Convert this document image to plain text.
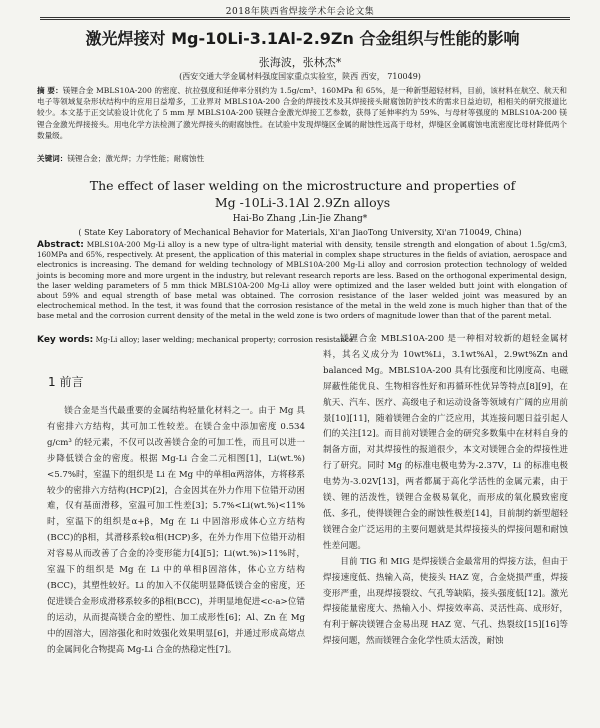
2018年陕西省焊接学术年会论文集
激光焊接对 Mg-10Li-3.1Al-2.9Zn 合金组织与性能的影响
张海波，张林杰*
(西安交通大学金属材料强度国家重点实验室，陕西 西安， 710049)
摘 要：镁锂合金 MBLS10A-200 的密度、抗拉强度和延伸率分别约为 1.5g/cm³、160MPa 和 65%，是一种新型超轻材料，目前，该材料在航空、航天和电子等领域复杂形状结构中的应用日益增多，工业界对 MBLS10A-200 合金的焊接技术及其焊接接头耐腐蚀防护技术的需求日益迫切，相相关的研究报道比较少。本文基于正交试验设计优化了 5 mm 厚 MBLS10A-200 镁锂合金激光焊接工艺参数，获得了延伸率约为 59%、与母材等强度的 MBLS10A-200 镁锂合金激光焊接接头。用电化学方法检测了激光焊接头的耐腐蚀性。在试验中发现焊缝区金属的耐蚀性远高于母材，焊缝区金属腐蚀电流密度比母材降低两个数量级。
关键词：镁锂合金；激光焊；力学性能；耐腐蚀性
The effect of laser welding on the microstructure and properties of
Mg -10Li-3.1Al 2.9Zn alloys
Hai-Bo Zhang ,Lin-Jie Zhang*
( State Key Laboratory of Mechanical Behavior for Materials, Xi'an JiaoTong University, Xi'an 710049, China)
Abstract: MBLS10A-200 Mg-Li alloy is a new type of ultra-light material with density, tensile strength and elongation of about 1.5g/cm3, 160MPa and 65%, respectively. At present, the application of this material in complex shape structures in the fields of aviation, aerospace and electronics is increasing. The demand for welding technology of MBLS10A-200 Mg-Li alloy and corrosion protection technology of welded joints is becoming more and more urgent in the industry, but relevant research reports are less. Based on the orthogonal experimental design, the laser welding parameters of 5 mm thick MBLS10A-200 Mg-Li alloy were optimized and the laser welded butt joint with elongation of about 59% and equal strength of base metal was obtained. The corrosion resistance of the laser welded joint was measured by an electrochemical method. In the test, it was found that the corrosion resistance of the metal in the weld zone is much higher than that of the base metal and the corrosion current density of the metal in the weld zone is two orders of magnitude lower than that of the parent metal.
Key words: Mg-Li alloy; laser welding; mechanical property; corrosion resistance
1 前言

镁合金是当代最重要的金属结构轻量化材料之一。由于 Mg 具有密排六方结构，其可加工性较差。在镁合金中添加密度 0.534 g/cm³ 的轻元素，不仅可以改善镁合金的可加工性，而且可以进一步降低镁合金的密度。根据 Mg-Li 合金二元相图[1]，Li(wt.%)<5.7%时，室温下的组织是 Li 在 Mg 中的单相α两溶体，方将移系较少的密排六方结构(HCP)[2]，合金因其在外力作用下位错开动困难，仅有基面滑移，室温可加工性差[3]；5.7%<Li(wt.%)<11%时，室温下的组织是α+β，Mg 在 Li 中固溶形成体心立方结构(BCC)的β相，其滑移系较α相(HCP)多，在外力作用下位错开动相对容易从而改善了合金的冷变形能力[4][5]；Li(wt.%)>11%时，室温下的组织是 Mg 在 Li 中的单相β固溶体，体心立方结构(BCC)，其塑性较好。Li 的加入不仅能明显降低镁合金的密度，还促进镁合金形成滑移系较多的β相(BCC)，并明显地促进<c-a>位错的运动，从而提高镁合金的塑性、加工成形性[6]；Al、Zn 在 Mg 中的固溶大，固溶强化和时效强化效果明显[6]，并通过形成高熔点的金属间化合物提高 Mg-Li 合金的热稳定性[7]。

镁锂合金 MBLS10A-200 是一种相对较新的超轻金属材料，其名义成分为 10wt%Li，3.1wt%Al，2.9wt%Zn and balanced Mg。MBLS10A-200 具有比强度和比刚度高、电磁屏蔽性能优良、生物相容性好和再循环性优异等特点[8][9]，在航天、汽车、医疗、高级电子和运动设备等领域有广阔的应用前景[10][11]，随着镁锂合金的广泛应用，其连接问题日益引起人们的关注[12]。而目前对镁锂合金的研究多数集中在材料自身的制备方面，对其焊接性的报道很少，本文对镁锂合金的焊接性进行了研究。同时 Mg 的标准电极电势为-2.37V，Li 的标准电极电势为-3.02V[13]，两者都属于高化学活性的金属元素，由于镁、锂的活泼性，镁锂合金极易氧化，而形成的氧化膜致密度低、多孔，使得镁锂合金的耐蚀性极差[14]，目前制约新型超轻镁锂合金广泛运用的主要问题就是其焊接接头的焊接问题和耐蚀性差问题。

目前 TIG 和 MIG 是焊接镁合金最常用的焊接方法，但由于焊接速度低、热输入高，使接头 HAZ 宽，合金烧损严重，焊接变形严重，出现焊接裂纹、气孔等缺陷，接头强度低[12]。激光焊接能量密度大、热输入小、焊接效率高、灵活性高、成形好，有利于解决镁锂合金易出现 HAZ 宽、气孔、热裂纹[15][16]等焊接问题，然而镁锂合金化学性质太活泼，耐蚀
